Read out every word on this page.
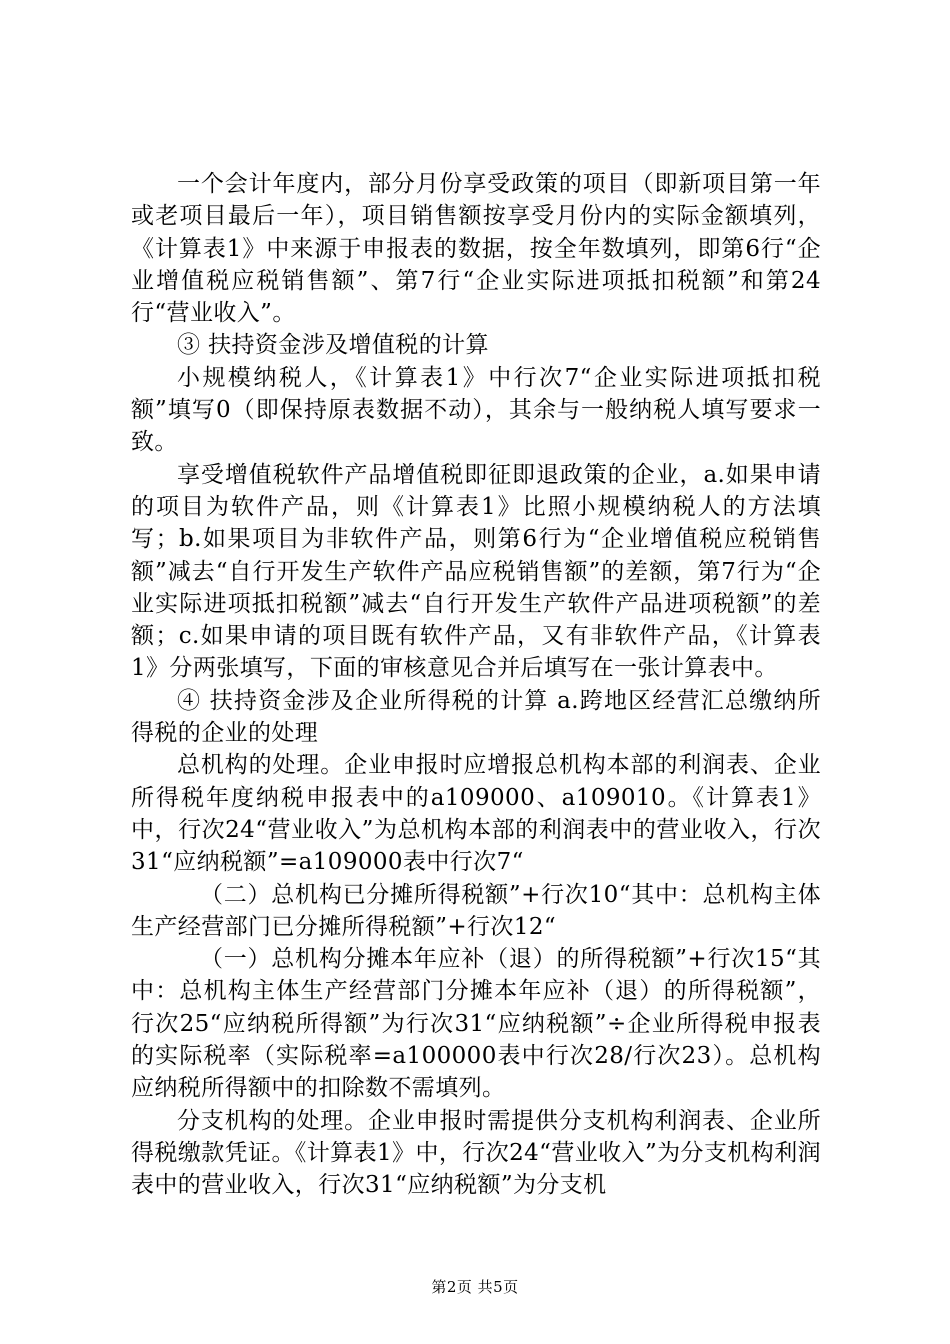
一个会计年度内，部分月份享受政策的项目（即新项目第一年或老项目最后一年），项目销售额按享受月份内的实际金额填列，《计算表1》中来源于申报表的数据，按全年数填列，即第6行“企业增值税应税销售额”、第7行“企业实际进项抵扣税额”和第24行“营业收入”。

③ 扶持资金涉及增值税的计算

小规模纳税人，《计算表1》中行次7“企业实际进项抵扣税额”填写0（即保持原表数据不动），其余与一般纳税人填写要求一致。

享受增值税软件产品增值税即征即退政策的企业，a.如果申请的项目为软件产品，则《计算表1》比照小规模纳税人的方法填写；b.如果项目为非软件产品，则第6行为“企业增值税应税销售额”减去“自行开发生产软件产品应税销售额”的差额，第7行为“企业实际进项抵扣税额”减去“自行开发生产软件产品进项税额”的差额；c.如果申请的项目既有软件产品，又有非软件产品，《计算表1》分两张填写，下面的审核意见合并后填写在一张计算表中。

④ 扶持资金涉及企业所得税的计算 a.跨地区经营汇总缴纳所得税的企业的处理

总机构的处理。企业申报时应增报总机构本部的利润表、企业所得税年度纳税申报表中的a109000、a109010。《计算表1》中，行次24“营业收入”为总机构本部的利润表中的营业收入，行次31“应纳税额”=a109000表中行次7“

（二）总机构已分摊所得税额”+行次10“其中：总机构主体生产经营部门已分摊所得税额”+行次12“

（一）总机构分摊本年应补（退）的所得税额”+行次15“其中：总机构主体生产经营部门分摊本年应补（退）的所得税额”，行次25“应纳税所得额”为行次31“应纳税额”÷企业所得税申报表的实际税率（实际税率=a100000表中行次28/行次23）。总机构应纳税所得额中的扣除数不需填列。

分支机构的处理。企业申报时需提供分支机构利润表、企业所得税缴款凭证。《计算表1》中，行次24“营业收入”为分支机构利润表中的营业收入，行次31“应纳税额”为分支机

第2页 共5页
